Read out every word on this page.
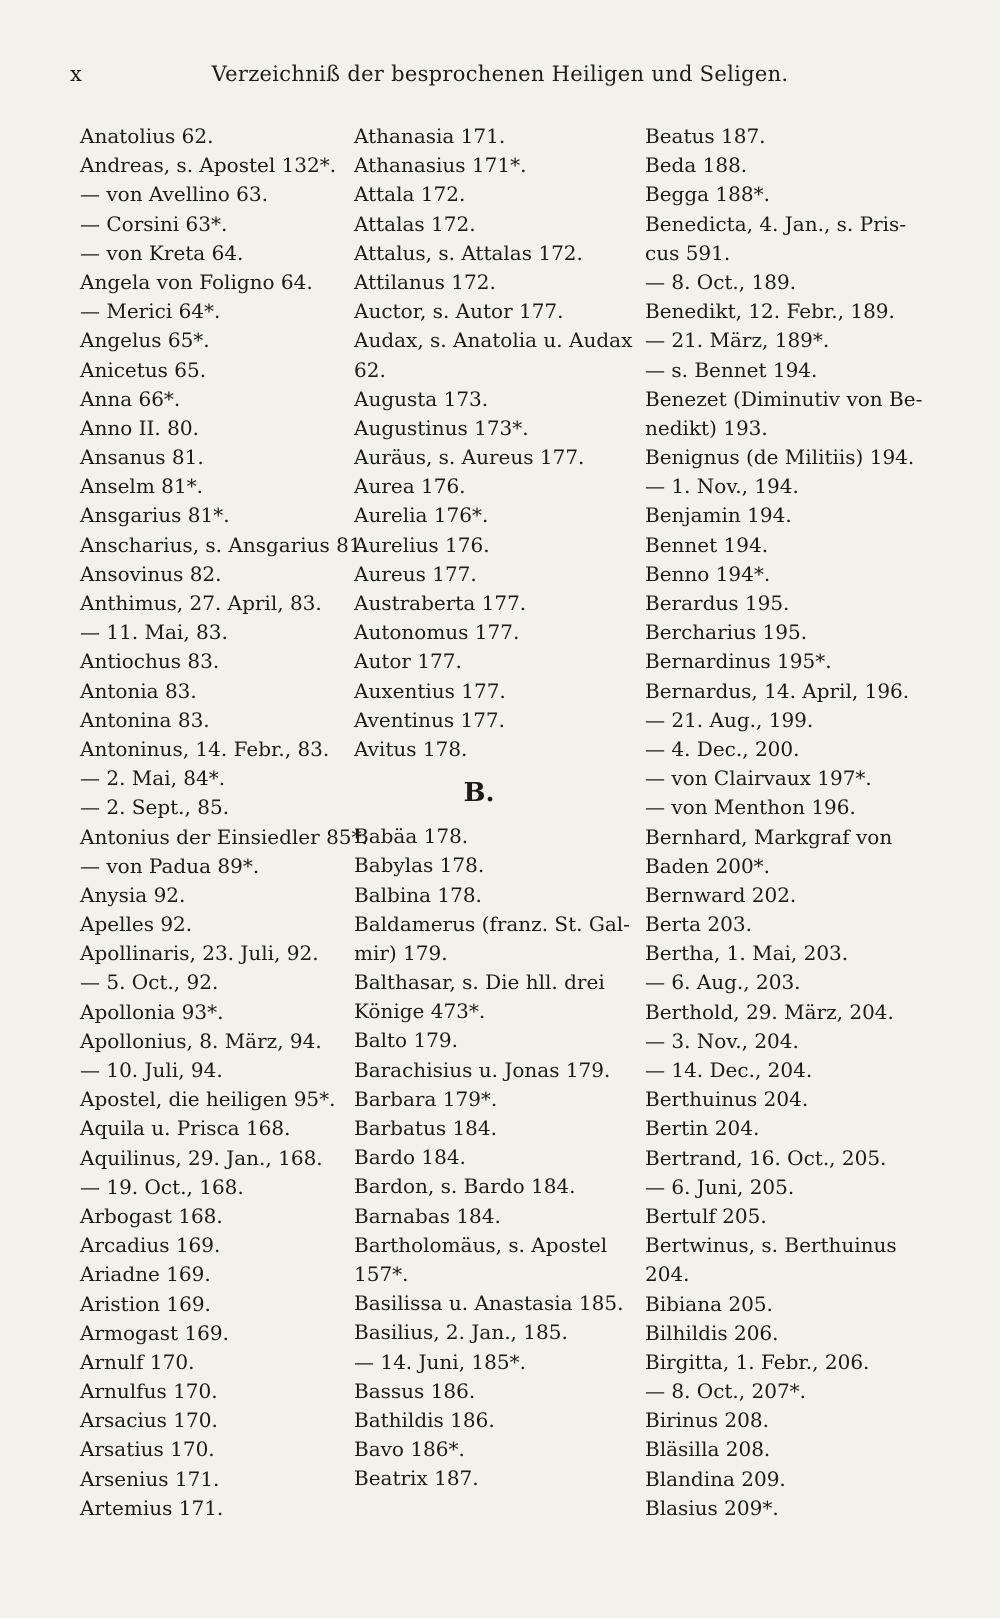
x	Verzeichniß der besprochenen Heiligen und Seligen.
Anatolius 62.
Andreas, s. Apostel 132*.
— von Avellino 63.
— Corsini 63*.
— von Kreta 64.
Angela von Foligno 64.
— Merici 64*.
Angelus 65*.
Anicetus 65.
Anna 66*.
Anno II. 80.
Ansanus 81.
Anselm 81*.
Ansgarius 81*.
Anscharius, s. Ansgarius 81.
Ansovinus 82.
Anthimus, 27. April, 83.
— 11. Mai, 83.
Antiochus 83.
Antonia 83.
Antonina 83.
Antoninus, 14. Febr., 83.
— 2. Mai, 84*.
— 2. Sept., 85.
Antonius der Einsiedler 85*.
— von Padua 89*.
Anysia 92.
Apelles 92.
Apollinaris, 23. Juli, 92.
— 5. Oct., 92.
Apollonia 93*.
Apollonius, 8. März, 94.
— 10. Juli, 94.
Apostel, die heiligen 95*.
Aquila u. Prisca 168.
Aquilinus, 29. Jan., 168.
— 19. Oct., 168.
Arbogast 168.
Arcadius 169.
Ariadne 169.
Aristion 169.
Armogast 169.
Arnulf 170.
Arnulfus 170.
Arsacius 170.
Arsatius 170.
Arsenius 171.
Artemius 171.
Athanasia 171.
Athanasius 171*.
Attala 172.
Attalas 172.
Attalus, s. Attalas 172.
Attilanus 172.
Auctor, s. Autor 177.
Audax, s. Anatolia u. Audax
62.
Augusta 173.
Augustinus 173*.
Auräus, s. Aureus 177.
Aurea 176.
Aurelia 176*.
Aurelius 176.
Aureus 177.
Austraberta 177.
Autonomus 177.
Autor 177.
Auxentius 177.
Aventinus 177.
Avitus 178.
B.
Babäa 178.
Babylas 178.
Balbina 178.
Baldamerus (franz. St. Gal-
mir) 179.
Balthasar, s. Die hll. drei
Könige 473*.
Balto 179.
Barachisius u. Jonas 179.
Barbara 179*.
Barbatus 184.
Bardo 184.
Bardon, s. Bardo 184.
Barnabas 184.
Bartholomäus, s. Apostel
157*.
Basilissa u. Anastasia 185.
Basilius, 2. Jan., 185.
— 14. Juni, 185*.
Bassus 186.
Bathildis 186.
Bavo 186*.
Beatrix 187.
Beatus 187.
Beda 188.
Begga 188*.
Benedicta, 4. Jan., s. Pris-
cus 591.
— 8. Oct., 189.
Benedikt, 12. Febr., 189.
— 21. März, 189*.
— s. Bennet 194.
Benezet (Diminutiv von Be-
nedikt) 193.
Benignus (de Militiis) 194.
— 1. Nov., 194.
Benjamin 194.
Bennet 194.
Benno 194*.
Berardus 195.
Bercharius 195.
Bernardinus 195*.
Bernardus, 14. April, 196.
— 21. Aug., 199.
— 4. Dec., 200.
— von Clairvaux 197*.
— von Menthon 196.
Bernhard, Markgraf von
Baden 200*.
Bernward 202.
Berta 203.
Bertha, 1. Mai, 203.
— 6. Aug., 203.
Berthold, 29. März, 204.
— 3. Nov., 204.
— 14. Dec., 204.
Berthuinus 204.
Bertin 204.
Bertrand, 16. Oct., 205.
— 6. Juni, 205.
Bertulf 205.
Bertwinus, s. Berthuinus
204.
Bibiana 205.
Bilhildis 206.
Birgitta, 1. Febr., 206.
— 8. Oct., 207*.
Birinus 208.
Bläsilla 208.
Blandina 209.
Blasius 209*.
